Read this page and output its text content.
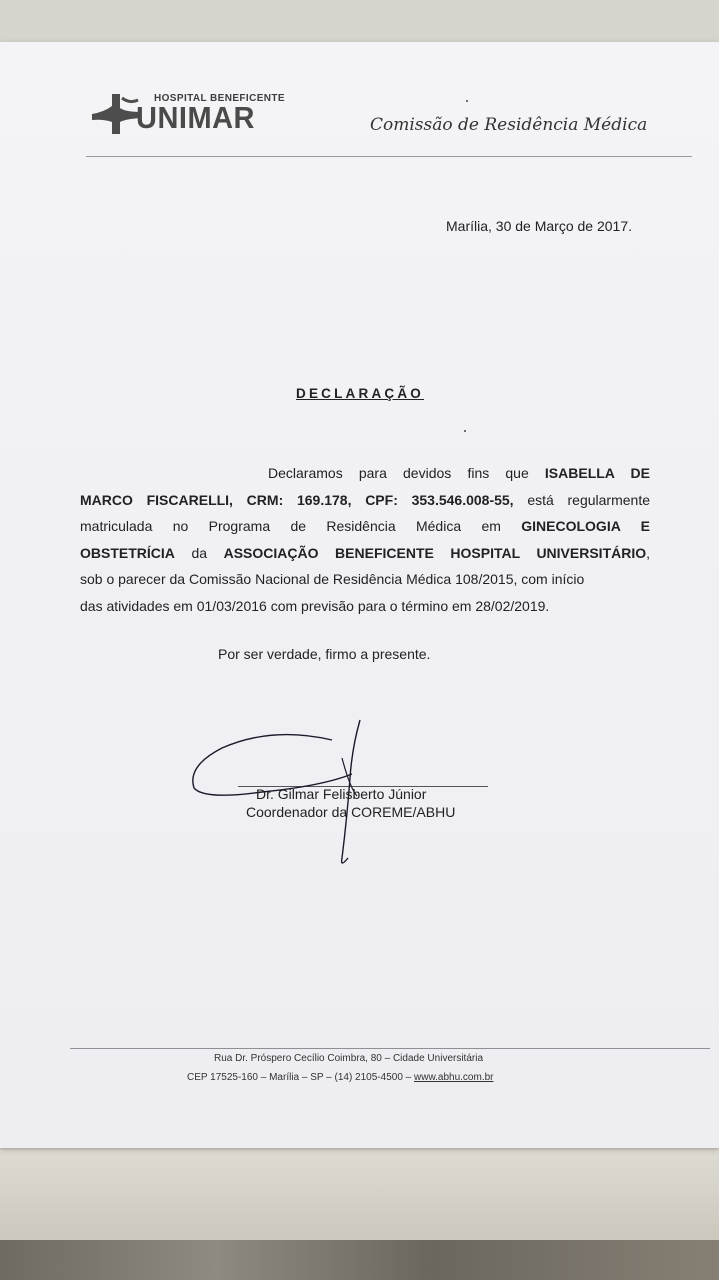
HOSPITAL BENEFICENTE
UNIMAR	Comissão de Residência Médica
Marília, 30 de Março de 2017.
DECLARAÇÃO
Declaramos para devidos fins que ISABELLA DE
MARCO FISCARELLI, CRM: 169.178, CPF: 353.546.008-55, está regularmente
matriculada no Programa de Residência Médica em GINECOLOGIA E
OBSTETRÍCIA da ASSOCIAÇÃO BENEFICENTE HOSPITAL UNIVERSITÁRIO,
sob o parecer da Comissão Nacional de Residência Médica 108/2015, com início
das atividades em 01/03/2016 com previsão para o término em 28/02/2019.
Por ser verdade, firmo a presente.
Dr. Gilmar Felisberto Júnior
Coordenador da COREME/ABHU
Rua Dr. Próspero Cecílio Coimbra, 80 – Cidade Universitária
CEP 17525-160 – Marília – SP – (14) 2105-4500 – www.abhu.com.br
